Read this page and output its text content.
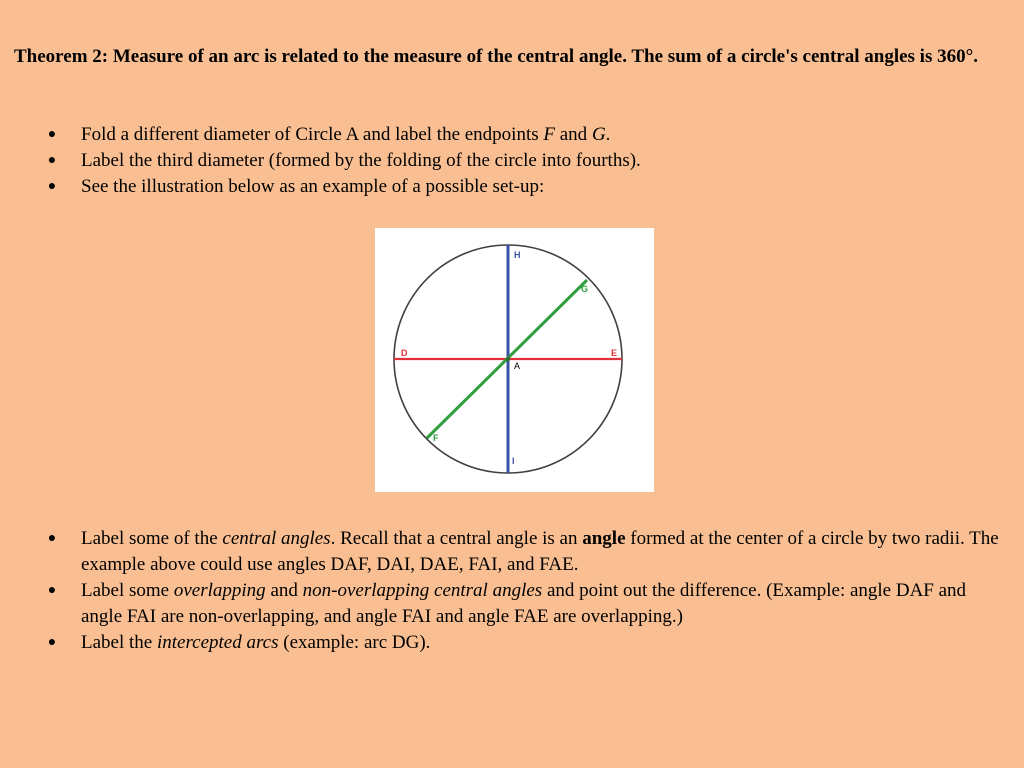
Theorem 2: Measure of an arc is related to the measure of the central angle. The sum of a circle's central angles is 360°.

● Fold a different diameter of Circle A and label the endpoints F and G.
● Label the third diameter (formed by the folding of the circle into fourths).
● See the illustration below as an example of a possible set-up:
H
I
D	E
G
F
A
● Label some of the central angles. Recall that a central angle is an angle formed at the center of a circle by two radii. The example above could use angles DAF, DAI, DAE, FAI, and FAE.
● Label some overlapping and non-overlapping central angles and point out the difference. (Example: angle DAF and angle FAI are non-overlapping, and angle FAI and angle FAE are overlapping.)
● Label the intercepted arcs (example: arc DG).
